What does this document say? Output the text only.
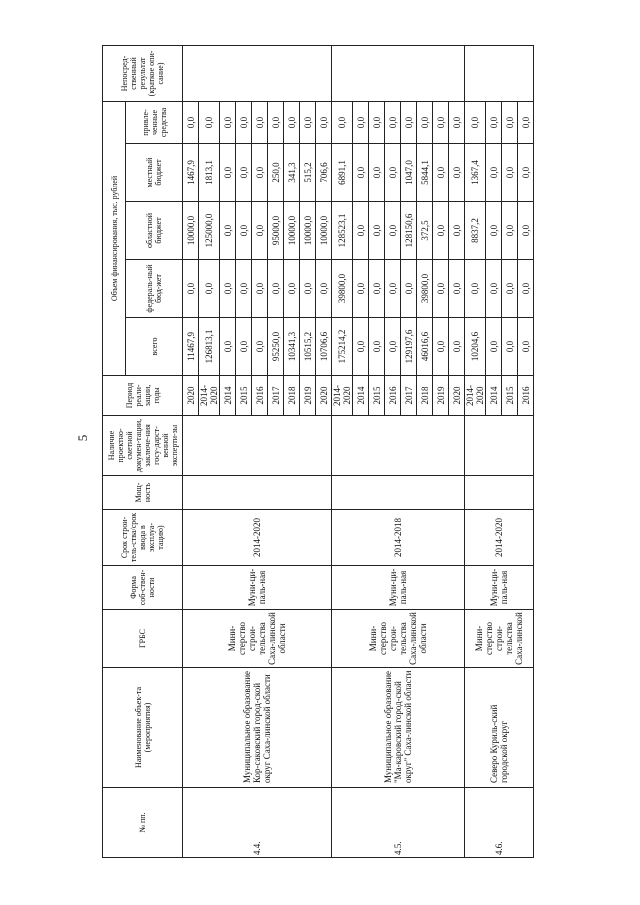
5
№ пп.	Наименование объек-та (мероприятия)	ГРБС	Форма соб-ствен-ности	Срок строи-тель-ства/срок ввода в эксплуа-тацию)	Мощ-ность	Наличие проектно-сметной докумен-тации, заключе-ния госу-дарст-венной эксперти-зы	Период реали-зации, годы	Объем финансирования, тыс. рублей					Непосред-ственный результат (краткое опи-сание)
								всего	федераль-ный бюд-жет	областной бюджет	местный бюджет	привле-ченные средства	
4.4.	Муниципальное образование Кор-саковский город-ской округ Саха-линской области	Мини-стерство строи-тельства Саха-линской области	Муни-ци-паль-ная	2014-2020			2020	11467,9	0,0	10000,0	1467,9	0,0	
							2014-2020	126813,1	0,0	125000,0	1813,1	0,0	
							2014	0,0	0,0	0,0	0,0	0,0	
							2015	0,0	0,0	0,0	0,0	0,0	
							2016	0,0	0,0	0,0	0,0	0,0	
							2017	95250,0	0,0	95000,0	250,0	0,0	
							2018	10341,3	0,0	10000,0	341,3	0,0	
							2019	10515,2	0,0	10000,0	515,2	0,0	
							2020	10706,6	0,0	10000,0	706,6	0,0	
4.5.	Муниципальное образование "Ма-каровский город-ской округ" Саха-линской области	Мини-стерство строи-тельства Саха-линской области	Муни-ци-паль-ная	2014-2018			2014-2020	175214,2	39800,0	128523,1	6891,1	0,0	
							2014	0,0	0,0	0,0	0,0	0,0	
							2015	0,0	0,0	0,0	0,0	0,0	
							2016	0,0	0,0	0,0	0,0	0,0	
							2017	129197,6	0,0	128150,6	1047,0	0,0	
							2018	46016,6	39800,0	372,5	5844,1	0,0	
							2019	0,0	0,0	0,0	0,0	0,0	
							2020	0,0	0,0	0,0	0,0	0,0	
4.6.	Северо Куриль-ский городской округ	Мини-стерство строи-тельства Саха-линской	Муни-ци-паль-ная	2014-2020			2014-2020	10204,6	0,0	8837,2	1367,4	0,0	
							2014	0,0	0,0	0,0	0,0	0,0	
							2015	0,0	0,0	0,0	0,0	0,0	
							2016	0,0	0,0	0,0	0,0	0,0	
